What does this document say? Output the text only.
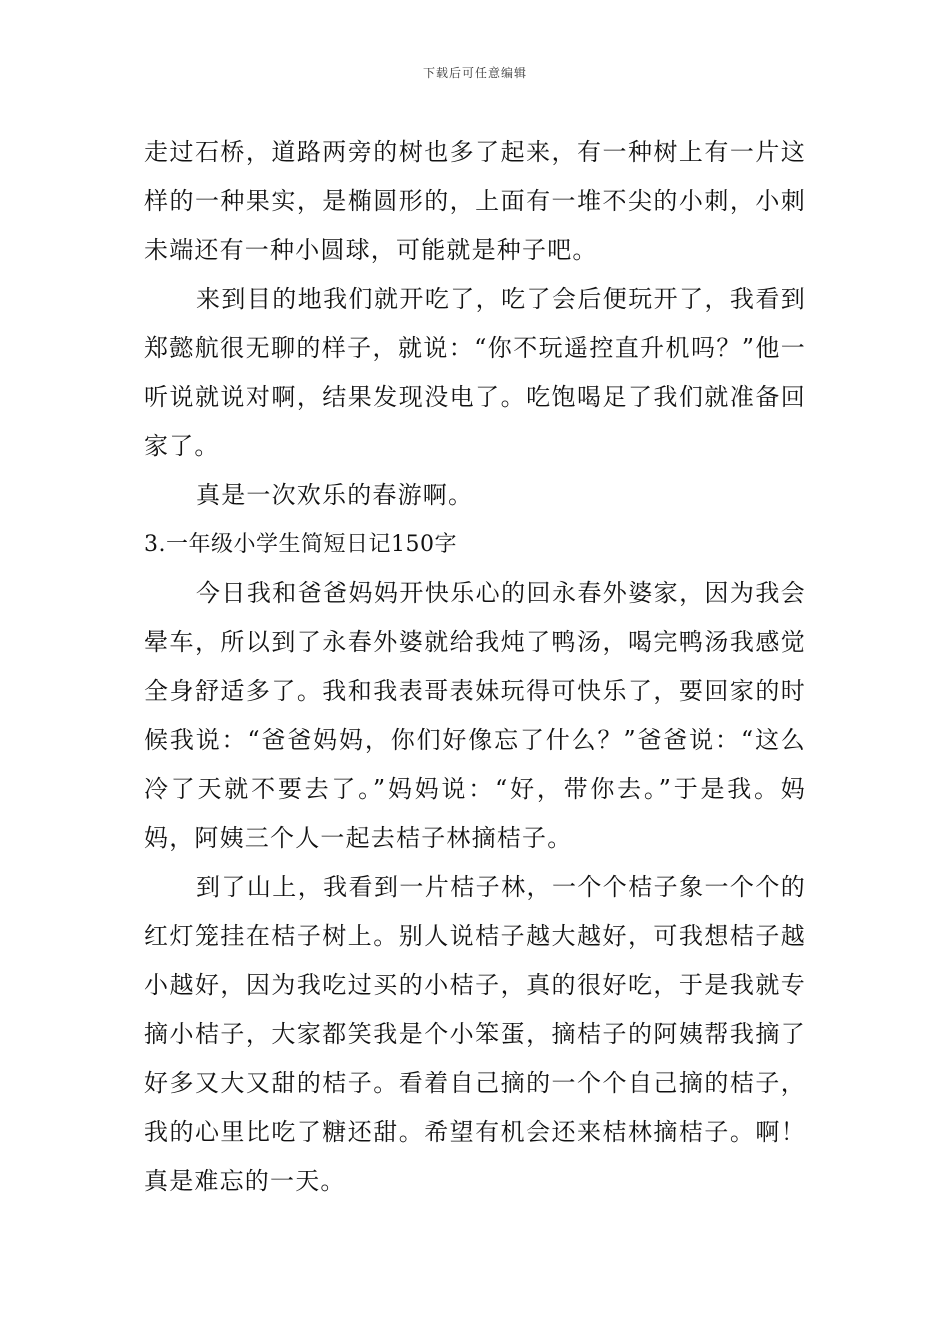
下载后可任意编辑

走过石桥，道路两旁的树也多了起来，有一种树上有一片这样的一种果实，是椭圆形的，上面有一堆不尖的小刺，小刺未端还有一种小圆球，可能就是种子吧。

来到目的地我们就开吃了，吃了会后便玩开了，我看到郑懿航很无聊的样子，就说：“你不玩遥控直升机吗？”他一听说就说对啊，结果发现没电了。吃饱喝足了我们就准备回家了。

真是一次欢乐的春游啊。

3.一年级小学生简短日记150字

今日我和爸爸妈妈开快乐心的回永春外婆家，因为我会晕车，所以到了永春外婆就给我炖了鸭汤，喝完鸭汤我感觉全身舒适多了。我和我表哥表妹玩得可快乐了，要回家的时候我说：“爸爸妈妈，你们好像忘了什么？”爸爸说：“这么冷了天就不要去了。”妈妈说：“好，带你去。”于是我。妈妈，阿姨三个人一起去桔子林摘桔子。

到了山上，我看到一片桔子林，一个个桔子象一个个的红灯笼挂在桔子树上。别人说桔子越大越好，可我想桔子越小越好，因为我吃过买的小桔子，真的很好吃，于是我就专摘小桔子，大家都笑我是个小笨蛋，摘桔子的阿姨帮我摘了好多又大又甜的桔子。看着自己摘的一个个自己摘的桔子，我的心里比吃了糖还甜。希望有机会还来桔林摘桔子。啊！真是难忘的一天。
